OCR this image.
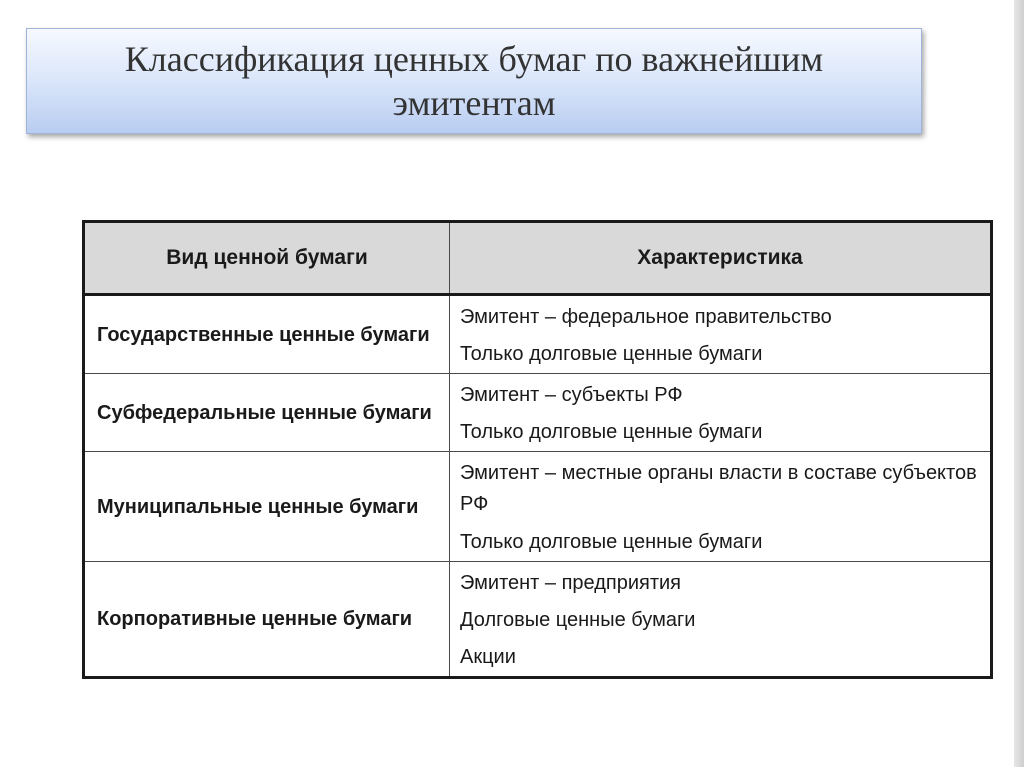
Классификация ценных бумаг по важнейшим эмитентам
Вид ценной бумаги	Характеристика
Государственные ценные бумаги	Эмитент – федеральное правительство
Только долговые ценные бумаги

Субфедеральные ценные бумаги	Эмитент – субъекты РФ
Только долговые ценные бумаги

Муниципальные ценные бумаги	Эмитент – местные органы власти в составе субъектов РФ
Только долговые ценные бумаги

Корпоративные ценные бумаги	Эмитент – предприятия
Долговые ценные бумаги
Акции
